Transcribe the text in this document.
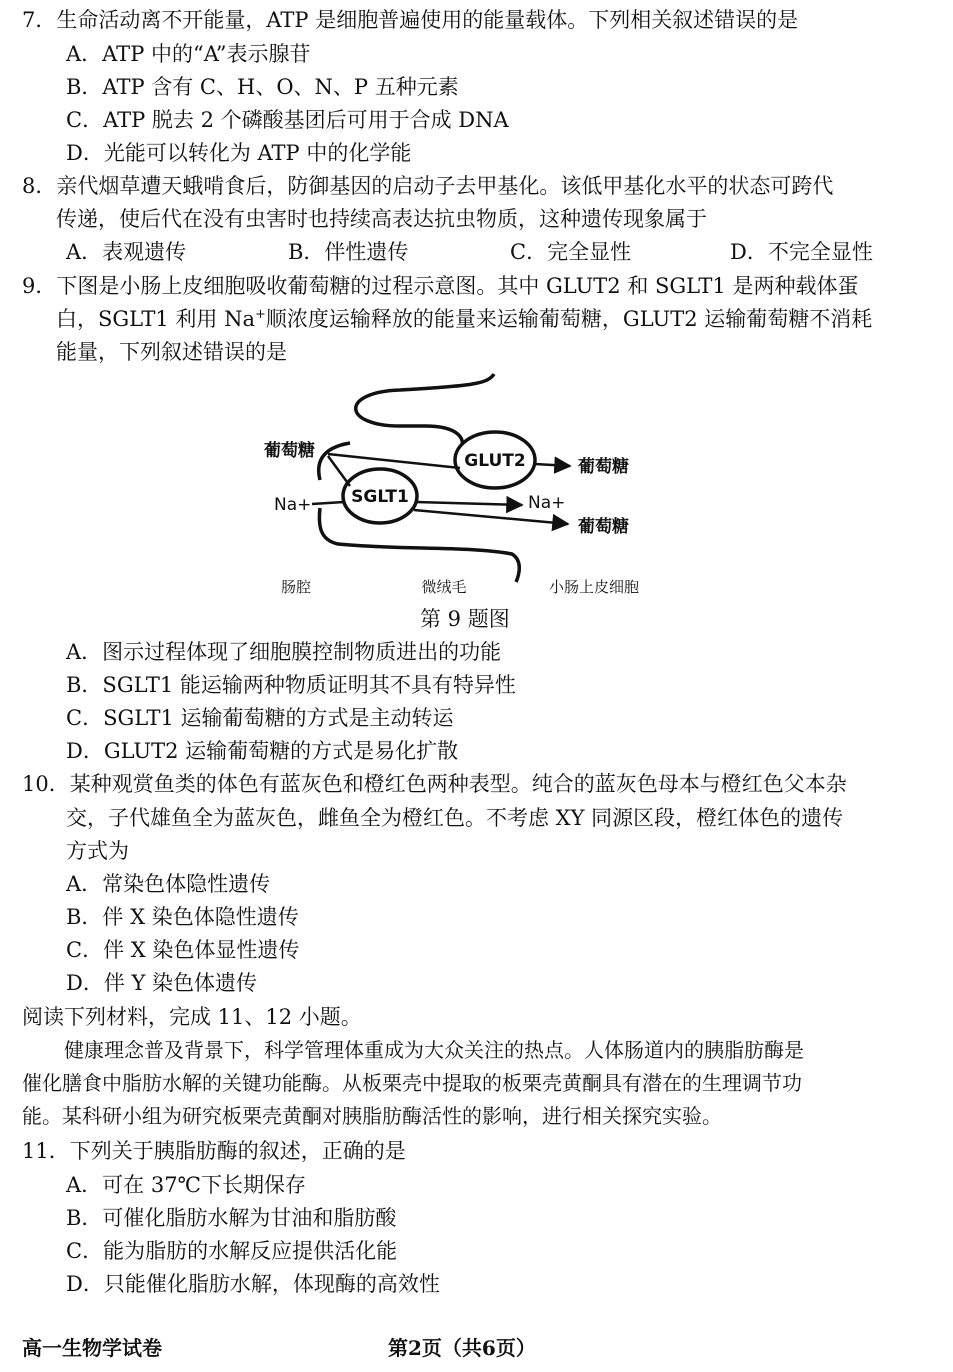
7．生命活动离不开能量，ATP 是细胞普遍使用的能量载体。下列相关叙述错误的是
A．ATP 中的“A”表示腺苷
B．ATP 含有 C、H、O、N、P 五种元素
C．ATP 脱去 2 个磷酸基团后可用于合成 DNA
D．光能可以转化为 ATP 中的化学能
8．亲代烟草遭天蛾啃食后，防御基因的启动子去甲基化。该低甲基化水平的状态可跨代
传递，使后代在没有虫害时也持续高表达抗虫物质，这种遗传现象属于
A．表观遗传	B．伴性遗传	C．完全显性	D．不完全显性
9．下图是小肠上皮细胞吸收葡萄糖的过程示意图。其中 GLUT2 和 SGLT1 是两种载体蛋
白，SGLT1 利用 Na+顺浓度运输释放的能量来运输葡萄糖，GLUT2 运输葡萄糖不消耗
能量，下列叙述错误的是
葡萄糖
Na+
GLUT2
SGLT1
葡萄糖
Na+
葡萄糖
肠腔	微绒毛	小肠上皮细胞
第 9 题图
A．图示过程体现了细胞膜控制物质进出的功能
B．SGLT1 能运输两种物质证明其不具有特异性
C．SGLT1 运输葡萄糖的方式是主动转运
D．GLUT2 运输葡萄糖的方式是易化扩散
10．某种观赏鱼类的体色有蓝灰色和橙红色两种表型。纯合的蓝灰色母本与橙红色父本杂
交，子代雄鱼全为蓝灰色，雌鱼全为橙红色。不考虑 XY 同源区段，橙红体色的遗传
方式为
A．常染色体隐性遗传
B．伴 X 染色体隐性遗传
C．伴 X 染色体显性遗传
D．伴 Y 染色体遗传
阅读下列材料，完成 11、12 小题。
健康理念普及背景下，科学管理体重成为大众关注的热点。人体肠道内的胰脂肪酶是
催化膳食中脂肪水解的关键功能酶。从板栗壳中提取的板栗壳黄酮具有潜在的生理调节功
能。某科研小组为研究板栗壳黄酮对胰脂肪酶活性的影响，进行相关探究实验。
11．下列关于胰脂肪酶的叙述，正确的是
A．可在 37℃下长期保存
B．可催化脂肪水解为甘油和脂肪酸
C．能为脂肪的水解反应提供活化能
D．只能催化脂肪水解，体现酶的高效性
高一生物学试卷	第2页（共6页）
